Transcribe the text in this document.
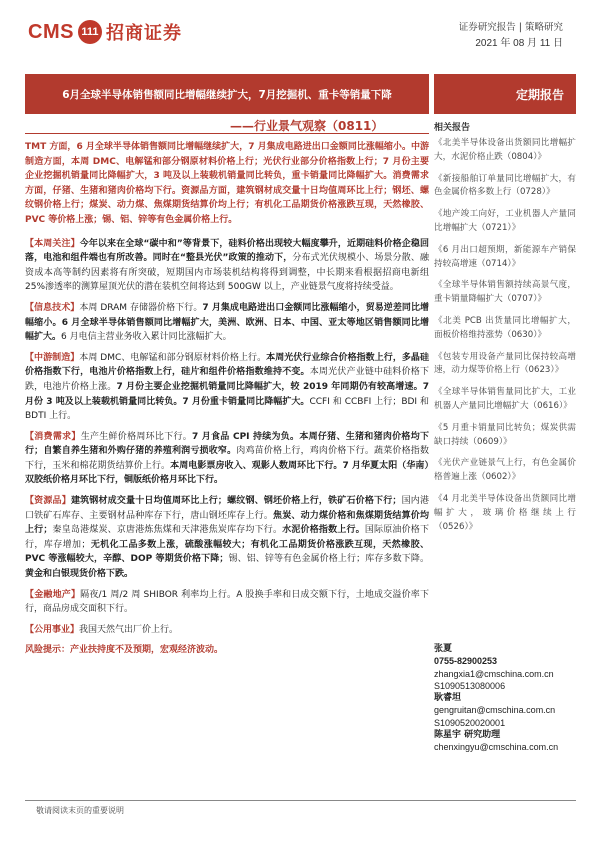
CMS 111 招商证券	证券研究报告 | 策略研究
2021 年 08 月 11 日
6月全球半导体销售额同比增幅继续扩大，7月挖掘机、重卡等销量下降	定期报告
——行业景气观察（0811）

TMT 方面，6 月全球半导体销售额同比增幅继续扩大，7 月集成电路进出口金额同比涨幅缩小。中游制造方面，本周 DMC、电解锰和部分钢原材料价格上行；光伏行业部分价格指数上行；7 月份主要企业挖掘机销量同比降幅扩大，3 吨及以上装载机销量同比转负，重卡销量同比降幅扩大。消费需求方面，仔猪、生猪和猪肉价格均下行。资源品方面，建筑钢材成交量十日均值周环比上行；钢坯、螺纹钢价格上行；煤炭、动力煤、焦煤期货结算价均上行；有机化工品期货价格涨跌互现，天然橡胶、PVC 等价格上涨；锡、铝、锌等有色金属价格上行。

【本周关注】今年以来在全球“碳中和”等背景下，硅料价格出现较大幅度攀升，近期硅料价格企稳回落，电池和组件端也有所改善。同时在“整县光伏”政策的推动下，分布式光伏规模小、场景分散、融资成本高等制约因素将有所突破，短期国内市场装机结构将得到调整，中长期来看根据招商电新组 25%渗透率的测算屋顶光伏的潜在装机空间将达到 500GW 以上，产业链景气度将持续受益。

【信息技术】本周 DRAM 存储器价格下行。7 月集成电路进出口金额同比涨幅缩小，贸易逆差同比增幅缩小。6 月全球半导体销售额同比增幅扩大，美洲、欧洲、日本、中国、亚太等地区销售额同比增幅扩大。6 月电信主营业务收入累计同比涨幅扩大。

【中游制造】本周 DMC、电解锰和部分钢原材料价格上行。本周光伏行业综合价格指数上行，多晶硅价格指数下行，电池片价格指数上行，硅片和组件价格指数维持不变。本周光伏产业链中硅料价格下跌，电池片价格上涨。7 月份主要企业挖掘机销量同比降幅扩大，较 2019 年同期仍有较高增速。7 月份 3 吨及以上装载机销量同比转负。7 月份重卡销量同比降幅扩大。CCFI 和 CCBFI 上行；BDI 和 BDTI 上行。

【消费需求】生产生鲜价格周环比下行。7 月食品 CPI 持续为负。本周仔猪、生猪和猪肉价格均下行；自繁自养生猪和外购仔猪的养殖利润亏损收窄。肉鸡苗价格上行，鸡肉价格下行。蔬菜价格指数下行，玉米和棉花期货结算价上行。本周电影票房收入、观影人数周环比下行。7 月华夏太阳（华南）双胶纸价格月环比下行，铜版纸价格月环比下行。

【资源品】建筑钢材成交量十日均值周环比上行；螺纹钢、钢坯价格上行，铁矿石价格下行；国内港口铁矿石库存、主要钢材品种库存下行，唐山钢坯库存上行。焦炭、动力煤价格和焦煤期货结算价均上行；秦皇岛港煤炭、京唐港炼焦煤和天津港焦炭库存均下行。水泥价格指数上行。国际原油价格下行，库存增加；无机化工品多数上涨，硫酸涨幅较大；有机化工品期货价格涨跌互现，天然橡胶、PVC 等涨幅较大，辛醇、DOP 等期货价格下降；锡、铝、锌等有色金属价格上行；库存多数下降。黄金和白银现货价格下跌。

【金融地产】隔夜/1 周/2 周 SHIBOR 利率均上行。A 股换手率和日成交额下行，土地成交溢价率下行，商品房成交面积下行。

【公用事业】我国天然气出厂价上行。

风险提示：产业扶持度不及预期，宏观经济波动。

相关报告
《北美半导体设备出货额同比增幅扩大，水泥价格止跌（0804）》
《新接船舶订单量同比增幅扩大，有色金属价格多数上行（0728）》
《地产竣工向好，工业机器人产量同比增幅扩大（0721）》
《6 月出口超预期，新能源车产销保持较高增速（0714）》
《全球半导体销售额持续高景气度，重卡销量降幅扩大（0707）》
《北美 PCB 出货量同比增幅扩大，面板价格维持涨势（0630）》
《包装专用设备产量同比保持较高增速，动力煤等价格上行（0623）》
《全球半导体销售量同比扩大，工业机器人产量同比增幅扩大（0616）》
《5 月重卡销量同比转负；煤炭供需缺口持续（0609）》
《光伏产业链景气上行，有色金属价格普遍上涨（0602）》
《4 月北美半导体设备出货额同比增幅扩大，玻璃价格继续上行（0526）》
张夏
0755-82900253
zhangxia1@cmschina.com.cn
S1090513080006
耿睿坦
gengruitan@cmschina.com.cn
S1090520020001
陈星宇 研究助理
chenxingyu@cmschina.com.cn
敬请阅读末页的重要说明
